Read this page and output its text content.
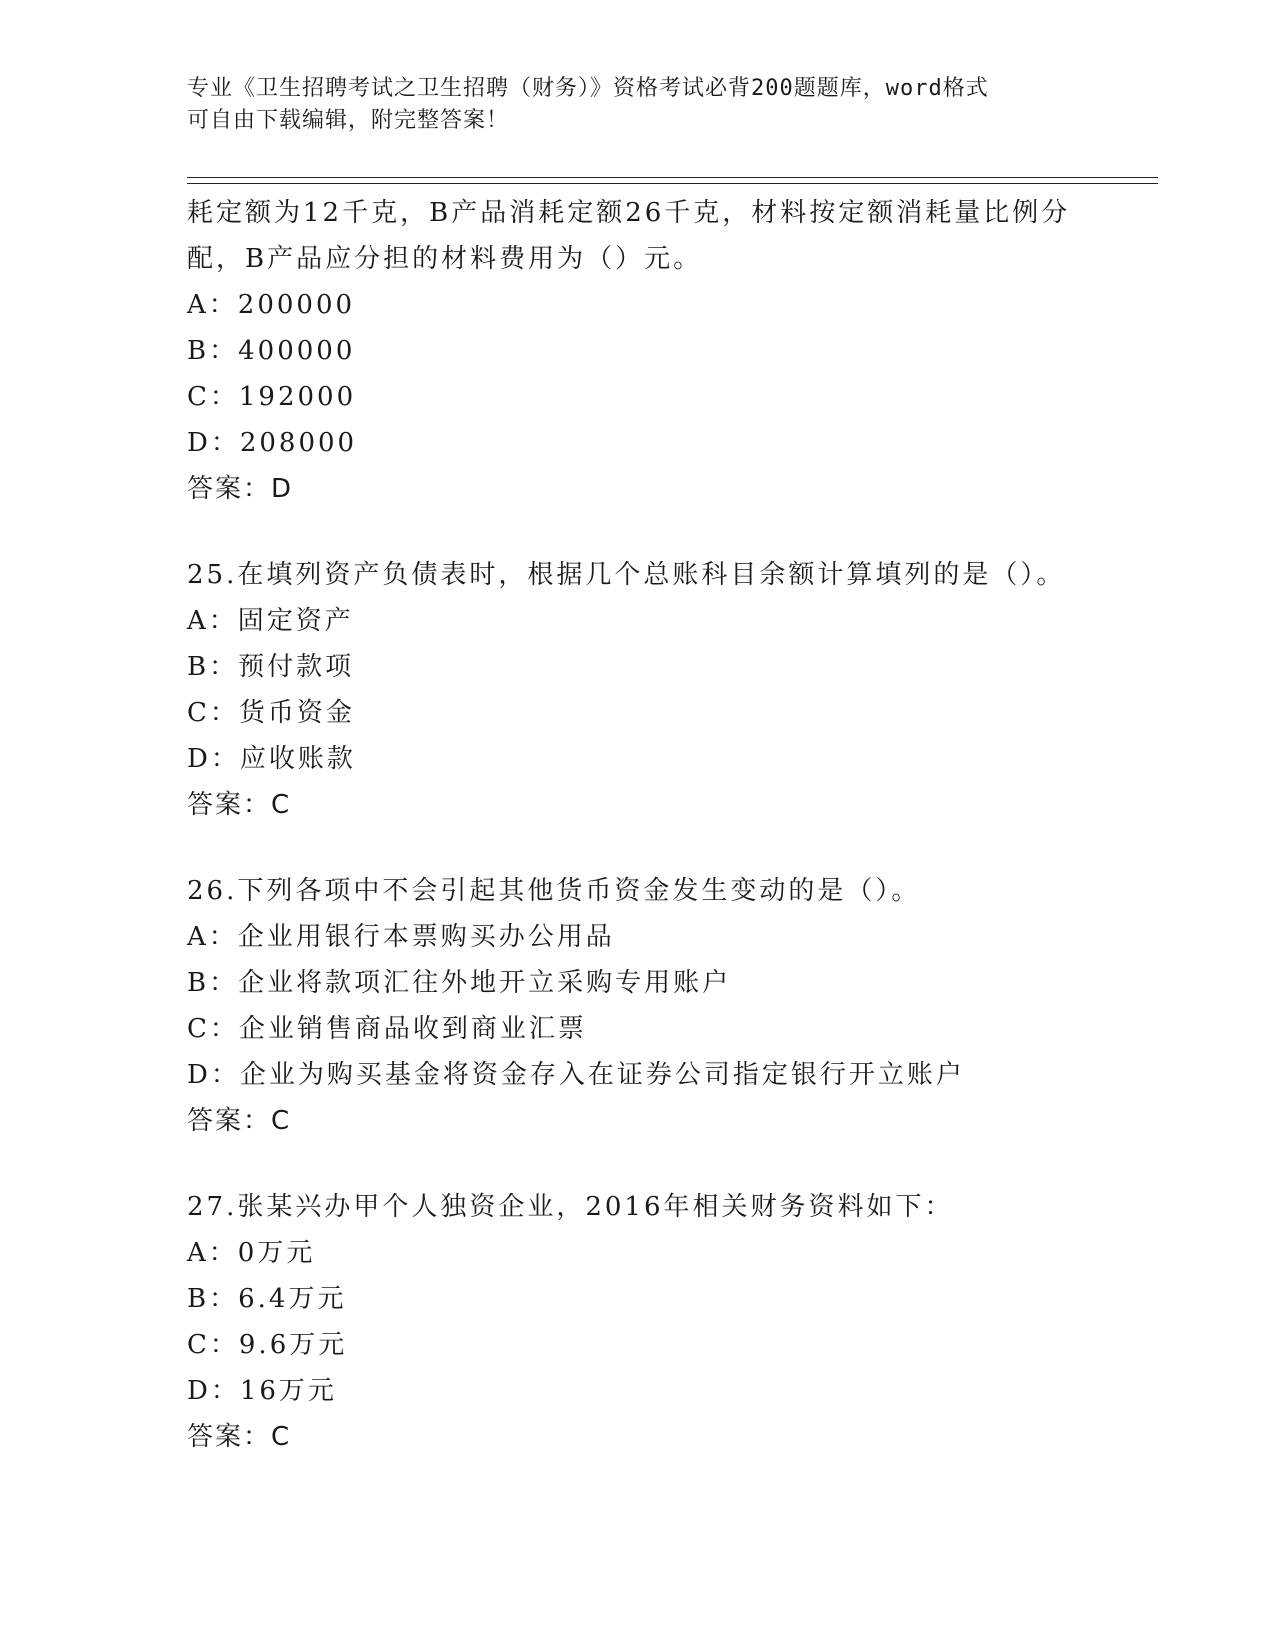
专业《卫生招聘考试之卫生招聘（财务）》资格考试必背200题题库，word格式
可自由下载编辑，附完整答案！
耗定额为12千克，B产品消耗定额26千克，材料按定额消耗量比例分
配，B产品应分担的材料费用为（）元。
A：200000
B：400000
C：192000
D：208000
答案：D
25.在填列资产负债表时，根据几个总账科目余额计算填列的是（）。
A：固定资产
B：预付款项
C：货币资金
D：应收账款
答案：C
26.下列各项中不会引起其他货币资金发生变动的是（）。
A：企业用银行本票购买办公用品
B：企业将款项汇往外地开立采购专用账户
C：企业销售商品收到商业汇票
D：企业为购买基金将资金存入在证券公司指定银行开立账户
答案：C
27.张某兴办甲个人独资企业，2016年相关财务资料如下：
A：0万元
B：6.4万元
C：9.6万元
D：16万元
答案：C
